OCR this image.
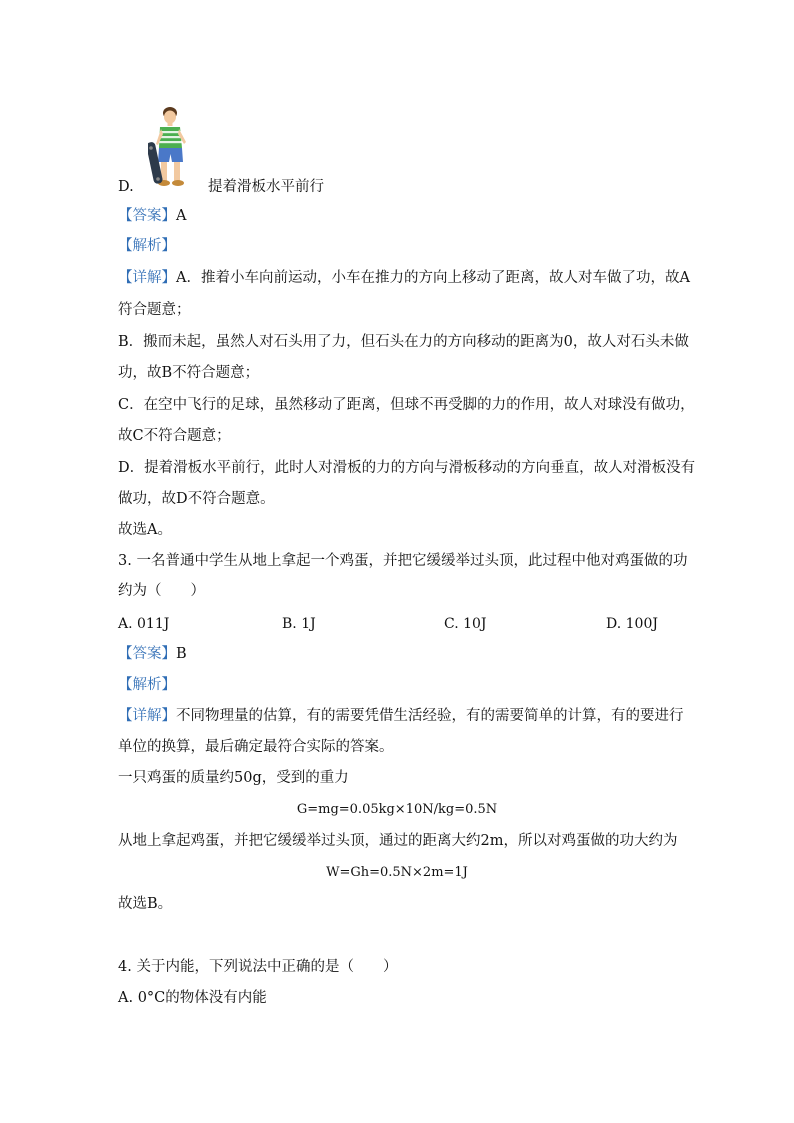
D.	提着滑板水平前行
【答案】A
【解析】
【详解】A．推着小车向前运动，小车在推力的方向上移动了距离，故人对车做了功，故A
符合题意；
B．搬而未起，虽然人对石头用了力，但石头在力的方向移动的距离为0，故人对石头未做
功，故B不符合题意；
C．在空中飞行的足球，虽然移动了距离，但球不再受脚的力的作用，故人对球没有做功，
故C不符合题意；
D．提着滑板水平前行，此时人对滑板的力的方向与滑板移动的方向垂直，故人对滑板没有
做功，故D不符合题意。
故选A。
3. 一名普通中学生从地上拿起一个鸡蛋，并把它缓缓举过头顶，此过程中他对鸡蛋做的功
约为（　　）
A. 011J	B. 1J	C. 10J	D. 100J
【答案】B
【解析】
【详解】不同物理量的估算，有的需要凭借生活经验，有的需要简单的计算，有的要进行
单位的换算，最后确定最符合实际的答案。
一只鸡蛋的质量约50g，受到的重力
G=mg=0.05kg×10N/kg=0.5N
从地上拿起鸡蛋，并把它缓缓举过头顶，通过的距离大约2m，所以对鸡蛋做的功大约为
W=Gh=0.5N×2m=1J
故选B。
4. 关于内能，下列说法中正确的是（　　）
A. 0°C的物体没有内能
